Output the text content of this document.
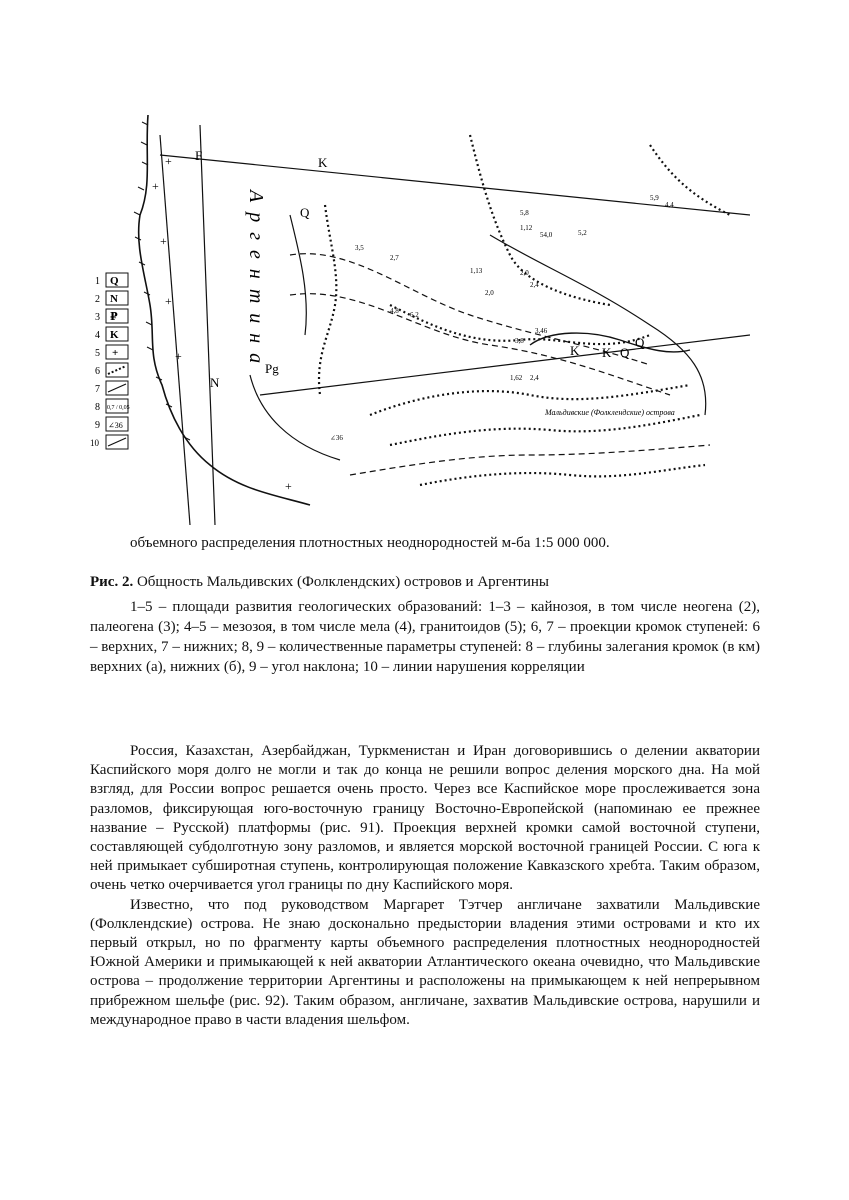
1 Q
2 N
3 ₽
4 K
5 +
6
7
8 0,7 / 0,05
9 ∠36
10
Аргентина	Q
K
F
Q
K K Q
N
Pg
Мальдивские (Фолклендские) острова
5,9
4,4
5,8
1,12
54,0
3,5
2,7
2,0
2,4
1,13
2,0
3,46
3,8
2,4
4,8 6,2
5,2
1,62
∠36
+
+
+
+
+
+
объемного распределения плотностных неоднородностей м-ба 1:5 000 000.
Рис. 2. Общность Мальдивских (Фолклендских) островов и Аргентины
1–5 – площади развития геологических образований: 1–3 – кайнозоя, в том числе неогена (2), палеогена (3); 4–5 – мезозоя, в том числе мела (4), гранитоидов (5); 6, 7 – проекции кромок ступеней: 6 – верхних, 7 – нижних; 8, 9 – количественные параметры ступеней: 8 – глубины залегания кромок (в км) верхних (а), нижних (б), 9 – угол наклона; 10 – линии нарушения корреляции

Россия, Казахстан, Азербайджан, Туркменистан и Иран договорившись о делении акватории Каспийского моря долго не могли и так до конца не решили вопрос деления морского дна. На мой взгляд, для России вопрос решается очень просто. Через все Каспийское море прослеживается зона разломов, фиксирующая юго-восточную границу Восточно-Европейской (напоминаю ее прежнее название – Русской) платформы (рис. 91). Проекция верхней кромки самой восточной ступени, составляющей субдолготную зону разломов, и является морской восточной границей России. С юга к ней примыкает субширотная ступень, контролирующая положение Кавказского хребта. Таким образом, очень четко очерчивается угол границы по дну Каспийского моря.

Известно, что под руководством Маргарет Тэтчер англичане захватили Мальдивские (Фолклендские) острова. Не знаю досконально предыстории владения этими островами и кто их первый открыл, но по фрагменту карты объемного распределения плотностных неоднородностей Южной Америки и примыкающей к ней акватории Атлантического океана очевидно, что Мальдивские острова – продолжение территории Аргентины и расположены на примыкающем к ней непрерывном прибрежном шельфе (рис. 92). Таким образом, англичане, захватив Мальдивские острова, нарушили и международное право в части владения шельфом.
